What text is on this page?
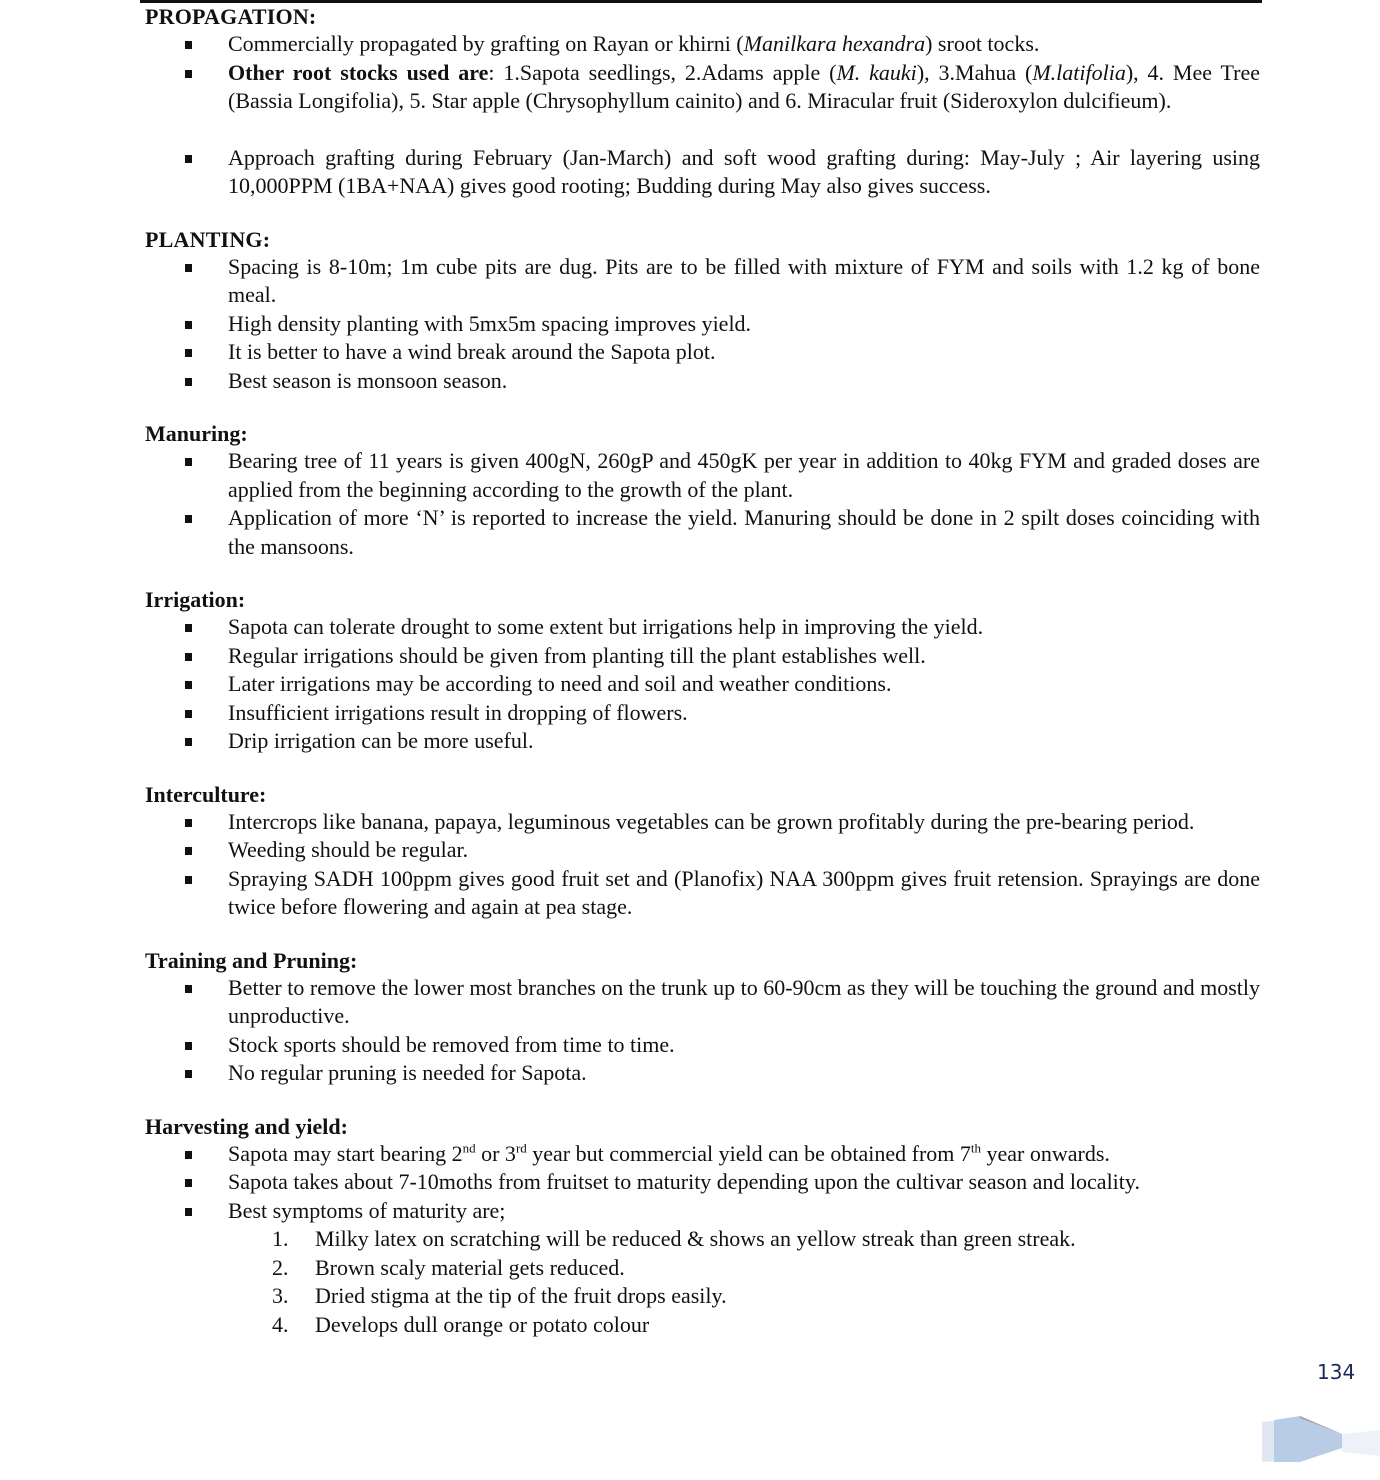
PROPAGATION:

Commercially propagated by grafting on Rayan or khirni (Manilkara hexandra) sroot tocks.
Other root stocks used are: 1.Sapota seedlings, 2.Adams apple (M. kauki), 3.Mahua (M.latifolia), 4. Mee Tree (Bassia Longifolia), 5. Star apple (Chrysophyllum cainito) and 6. Miracular fruit (Sideroxylon dulcifieum).
Approach grafting during February (Jan-March) and soft wood grafting during: May-July ; Air layering using 10,000PPM (1BA+NAA) gives good rooting; Budding during May also gives success.

PLANTING:

Spacing is 8-10m; 1m cube pits are dug. Pits are to be filled with mixture of FYM and soils with 1.2 kg of bone meal.
High density planting with 5mx5m spacing improves yield.
It is better to have a wind break around the Sapota plot.
Best season is monsoon season.

Manuring:

Bearing tree of 11 years is given 400gN, 260gP and 450gK per year in addition to 40kg FYM and graded doses are applied from the beginning according to the growth of the plant.
Application of more ‘N’ is reported to increase the yield. Manuring should be done in 2 spilt doses coinciding with the mansoons.

Irrigation:

Sapota can tolerate drought to some extent but irrigations help in improving the yield.
Regular irrigations should be given from planting till the plant establishes well.
Later irrigations may be according to need and soil and weather conditions.
Insufficient irrigations result in dropping of flowers.
Drip irrigation can be more useful.

Interculture:

Intercrops like banana, papaya, leguminous vegetables can be grown profitably during the pre-bearing period.
Weeding should be regular.
Spraying SADH 100ppm gives good fruit set and (Planofix) NAA 300ppm gives fruit retension. Sprayings are done twice before flowering and again at pea stage.

Training and Pruning:

Better to remove the lower most branches on the trunk up to 60-90cm as they will be touching the ground and mostly unproductive.
Stock sports should be removed from time to time.
No regular pruning is needed for Sapota.

Harvesting and yield:

Sapota may start bearing 2nd or 3rd year but commercial yield can be obtained from 7th year onwards.
Sapota takes about 7-10moths from fruitset to maturity depending upon the cultivar season and locality.
Best symptoms of maturity are;
1. Milky latex on scratching will be reduced & shows an yellow streak than green streak.
2. Brown scaly material gets reduced.
3. Dried stigma at the tip of the fruit drops easily.
4. Develops dull orange or potato colour
134
